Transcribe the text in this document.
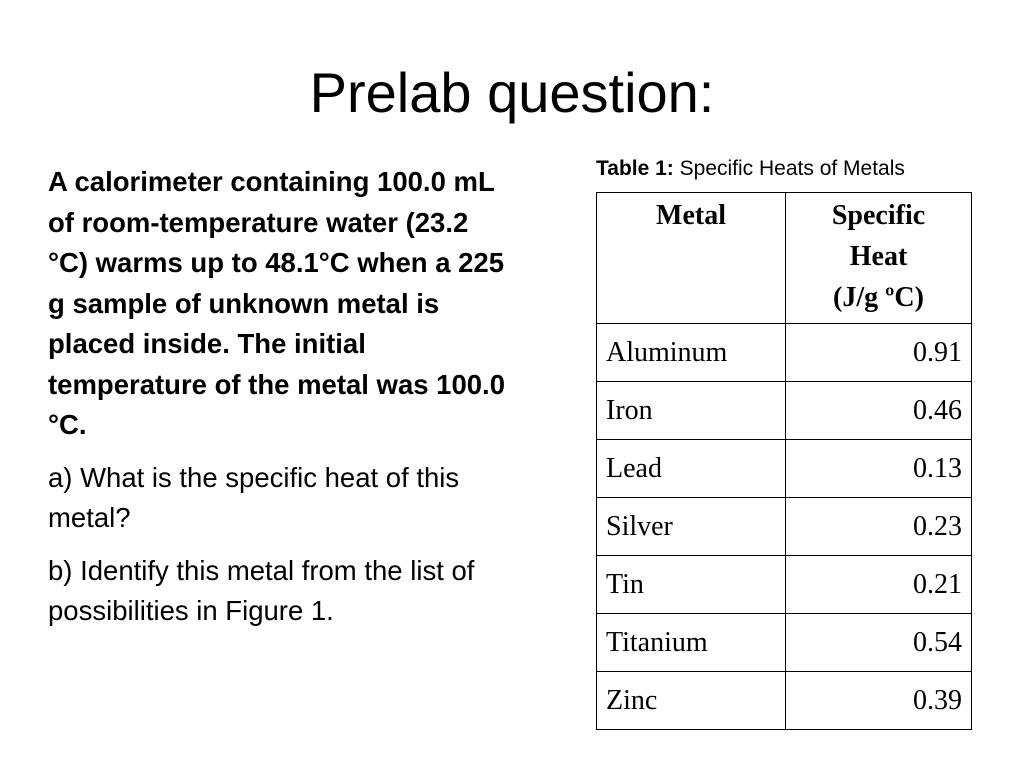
Prelab question:

A calorimeter containing 100.0 mL of room-temperature water (23.2 °C) warms up to 48.1°C when a 225 g sample of unknown metal is placed inside. The initial temperature of the metal was 100.0 °C.

a) What is the specific heat of this metal?

b) Identify this metal from the list of possibilities in Figure 1.

Table 1: Specific Heats of Metals
Metal	Specific
Heat
(J/g ºC)

Aluminum	0.91
Iron	0.46
Lead	0.13
Silver	0.23
Tin	0.21
Titanium	0.54
Zinc	0.39
